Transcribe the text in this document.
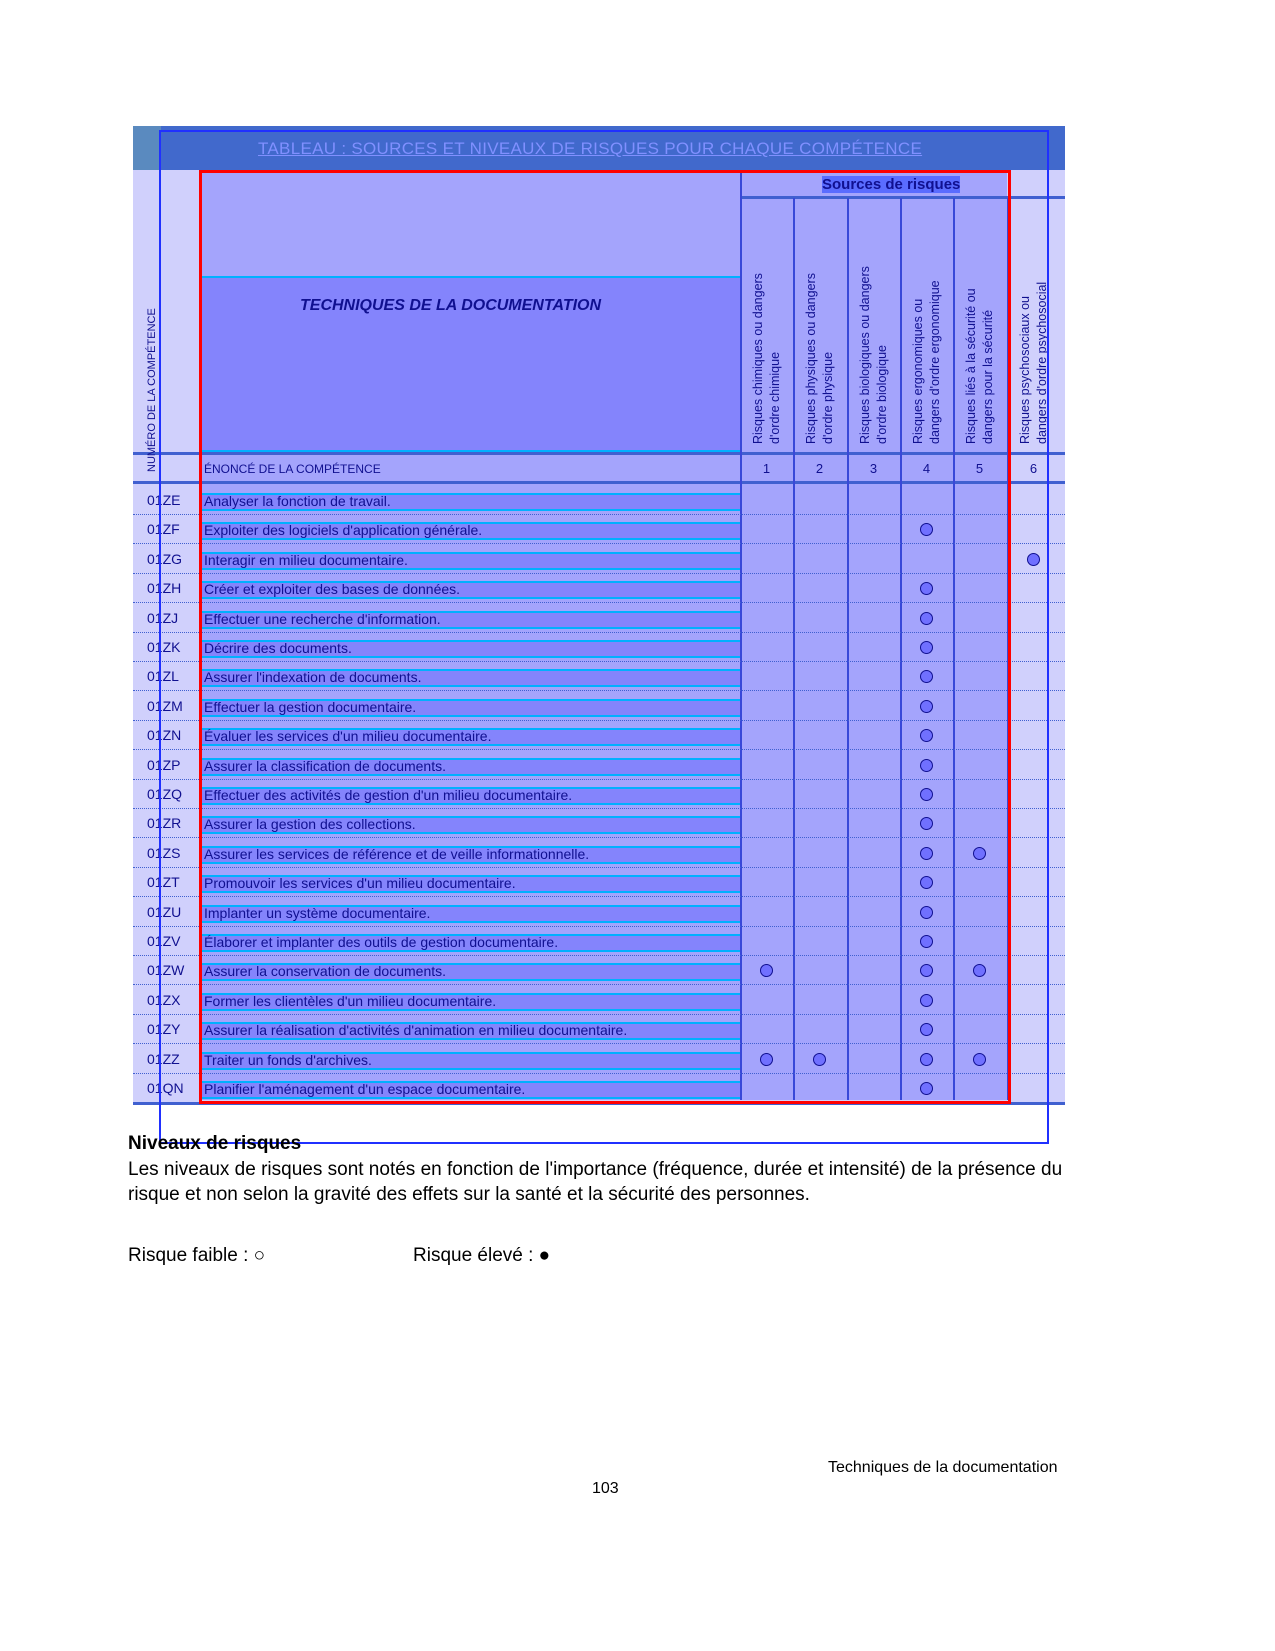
TABLEAU : SOURCES ET NIVEAUX DE RISQUES POUR CHAQUE COMPÉTENCE
TECHNIQUES DE LA DOCUMENTATION
Sources de risques
NUMÉRO DE LA COMPÉTENCE	ÉNONCÉ DE LA COMPÉTENCE
Risques chimiques ou dangers
d'ordre chimique
1
Risques physiques ou dangers
d'ordre physique
2
Risques biologiques ou dangers
d'ordre biologique
3
Risques ergonomiques ou
dangers d'ordre ergonomique
4
Risques liés à la sécurité ou
dangers pour la sécurité
5
Risques psychosociaux ou
dangers d'ordre psychosocial
6
01ZE Analyser la fonction de travail.
01ZF Exploiter des logiciels d'application générale.
01ZG Interagir en milieu documentaire.
01ZH Créer et exploiter des bases de données.
01ZJ Effectuer une recherche d'information.
01ZK Décrire des documents.
01ZL Assurer l'indexation de documents.
01ZM Effectuer la gestion documentaire.
01ZN Évaluer les services d'un milieu documentaire.
01ZP Assurer la classification de documents.
01ZQ Effectuer des activités de gestion d'un milieu documentaire.
01ZR Assurer la gestion des collections.
01ZS Assurer les services de référence et de veille informationnelle.
01ZT Promouvoir les services d'un milieu documentaire.
01ZU Implanter un système documentaire.
01ZV Élaborer et implanter des outils de gestion documentaire.
01ZW Assurer la conservation de documents.
01ZX Former les clientèles d'un milieu documentaire.
01ZY Assurer la réalisation d'activités d'animation en milieu documentaire.
01ZZ Traiter un fonds d'archives.
01QN Planifier l'aménagement d'un espace documentaire.
Niveaux de risques
Les niveaux de risques sont notés en fonction de l'importance (fréquence, durée et intensité) de la présence du risque et non selon la gravité des effets sur la santé et la sécurité des personnes.
Risque faible : ○	Risque élevé : ●
Techniques de la documentation
103
